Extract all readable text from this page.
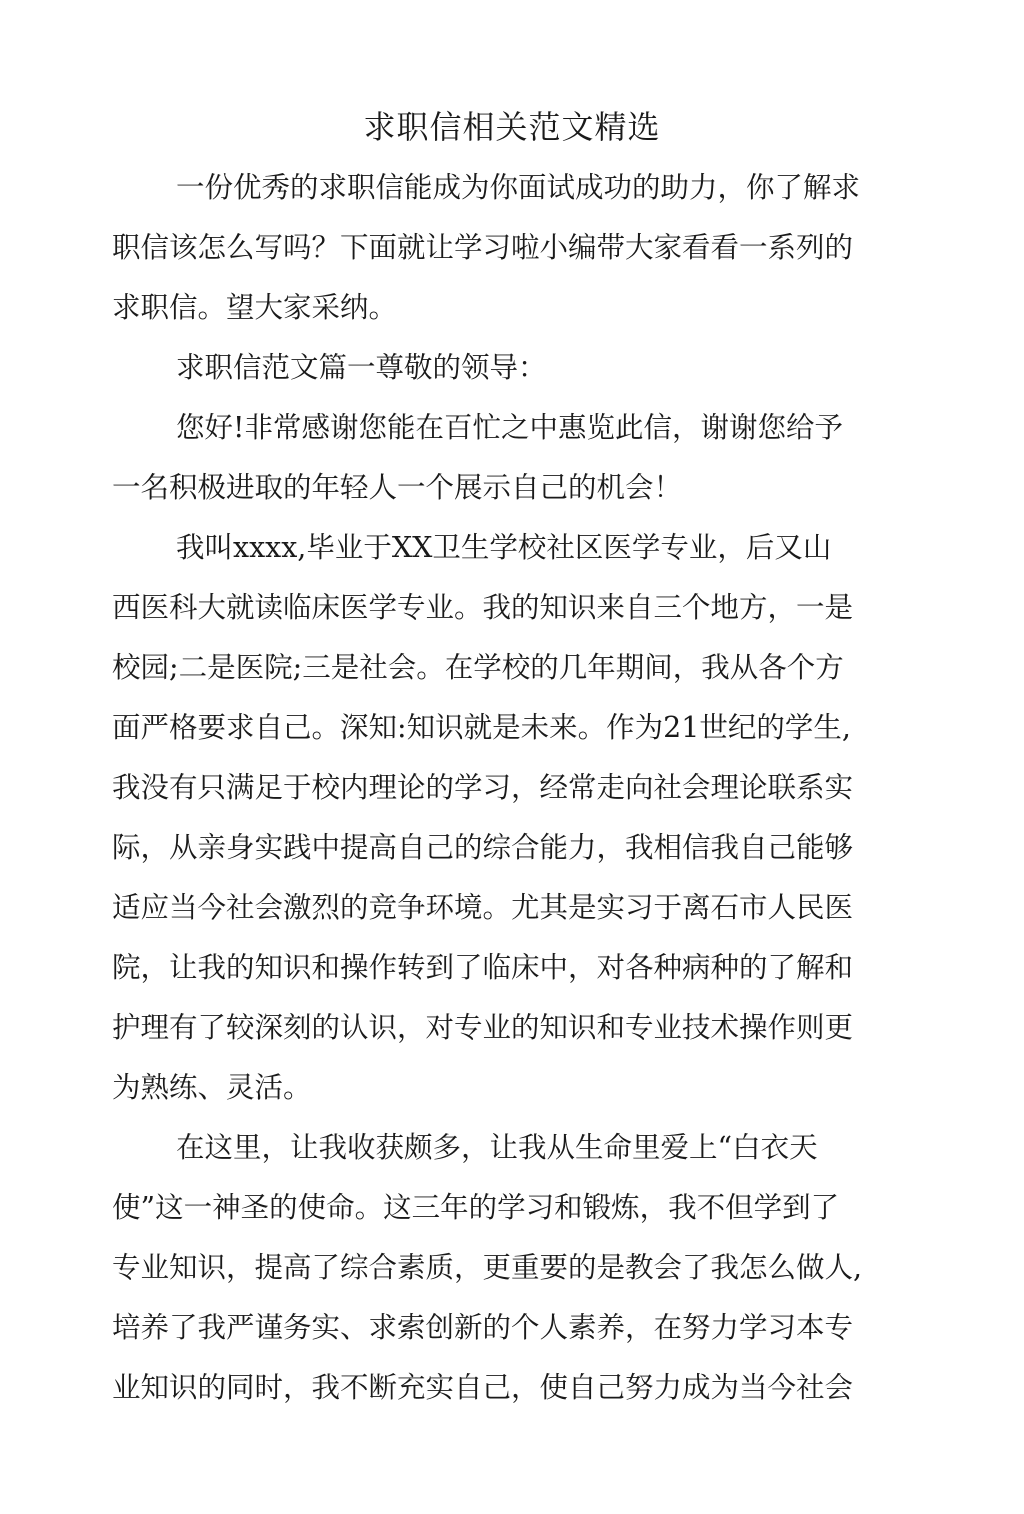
求职信相关范文精选

一份优秀的求职信能成为你面试成功的助力，你了解求

职信该怎么写吗？下面就让学习啦小编带大家看看一系列的

求职信。望大家采纳。

求职信范文篇一尊敬的领导：

您好!非常感谢您能在百忙之中惠览此信，谢谢您给予

一名积极进取的年轻人一个展示自己的机会！

我叫xxxx,毕业于XX卫生学校社区医学专业，后又山

西医科大就读临床医学专业。我的知识来自三个地方，一是

校园;二是医院;三是社会。在学校的几年期间，我从各个方

面严格要求自己。深知:知识就是未来。作为21世纪的学生,

我没有只满足于校内理论的学习，经常走向社会理论联系实

际，从亲身实践中提高自己的综合能力，我相信我自己能够

适应当今社会激烈的竞争环境。尤其是实习于离石市人民医

院，让我的知识和操作转到了临床中，对各种病种的了解和

护理有了较深刻的认识，对专业的知识和专业技术操作则更

为熟练、灵活。

在这里，让我收获颇多，让我从生命里爱上“白衣天

使”这一神圣的使命。这三年的学习和锻炼，我不但学到了

专业知识，提高了综合素质，更重要的是教会了我怎么做人,

培养了我严谨务实、求索创新的个人素养，在努力学习本专

业知识的同时，我不断充实自己，使自己努力成为当今社会
